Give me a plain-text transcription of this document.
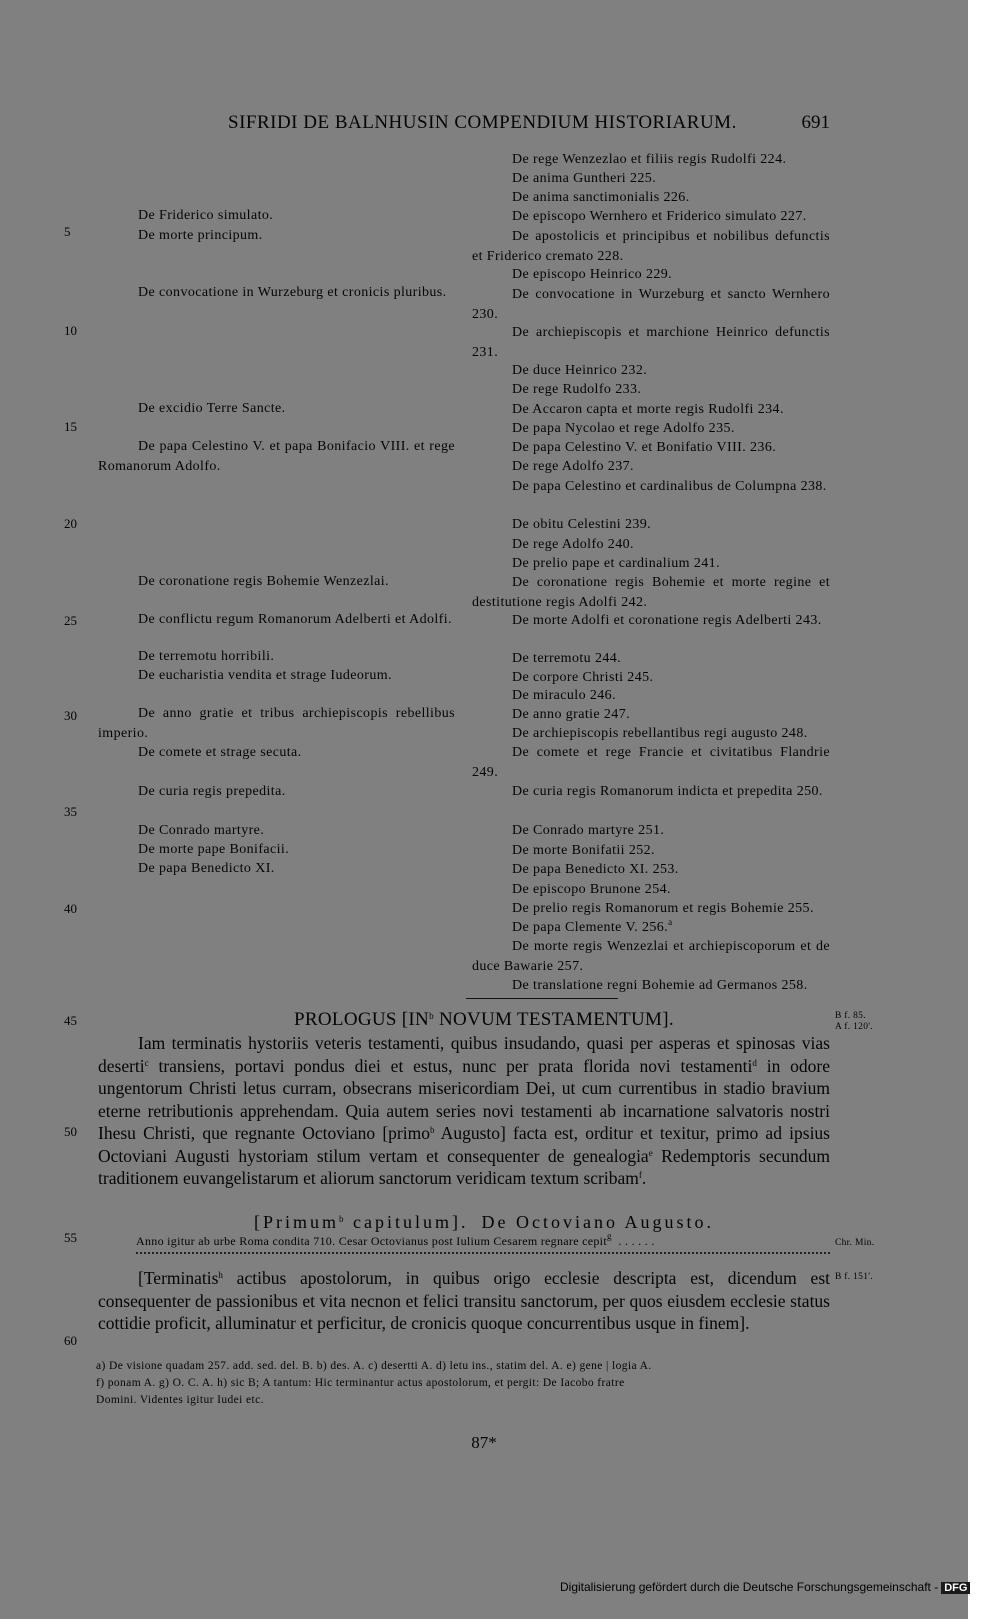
SIFRIDI DE BALNHUSIN COMPENDIUM HISTORIARUM.	691
5
10
15
20
25
30
35
40
45
50
55
60
De Friderico simulato.
De morte principum.
De convocatione in Wurzeburg et cronicis pluribus.
De excidio Terre Sancte.
De papa Celestino V. et papa Bonifacio VIII. et rege Romanorum Adolfo.
De coronatione regis Bohemie Wenzezlai.
De conflictu regum Romanorum Adelberti et Adolfi.
De terremotu horribili.
De eucharistia vendita et strage Iudeorum.
De anno gratie et tribus archiepiscopis rebellibus imperio.
De comete et strage secuta.
De curia regis prepedita.
De Conrado martyre.
De morte pape Bonifacii.
De papa Benedicto XI.
De rege Wenzezlao et filiis regis Rudolfi 224.
De anima Guntheri 225.
De anima sanctimonialis 226.
De episcopo Wernhero et Friderico simulato 227.
De apostolicis et principibus et nobilibus defunctis et Friderico cremato 228.
De episcopo Heinrico 229.
De convocatione in Wurzeburg et sancto Wernhero 230.
De archiepiscopis et marchione Heinrico defunctis 231.
De duce Heinrico 232.
De rege Rudolfo 233.
De Accaron capta et morte regis Rudolfi 234.
De papa Nycolao et rege Adolfo 235.
De papa Celestino V. et Bonifatio VIII. 236.
De rege Adolfo 237.
De papa Celestino et cardinalibus de Columpna 238.
De obitu Celestini 239.
De rege Adolfo 240.
De prelio pape et cardinalium 241.
De coronatione regis Bohemie et morte regine et destitutione regis Adolfi 242.
De morte Adolfi et coronatione regis Adelberti 243.
De terremotu 244.
De corpore Christi 245.
De miraculo 246.
De anno gratie 247.
De archiepiscopis rebellantibus regi augusto 248.
De comete et rege Francie et civitatibus Flandrie 249.
De curia regis Romanorum indicta et prepedita 250.
De Conrado martyre 251.
De morte Bonifatii 252.
De papa Benedicto XI. 253.
De episcopo Brunone 254.
De prelio regis Romanorum et regis Bohemie 255.
De papa Clemente V. 256.$^a$
De morte regis Wenzezlai et archiepiscoporum et de duce Bawarie 257.
De translatione regni Bohemie ad Germanos 258.
PROLOGUS [$IN^b$ NOVUM TESTAMENTUM].	B f. 85.
A f. 120'.

Iam terminatis hystoriis veteris testamenti, quibus insudando, quasi per asperas et spinosas vias deserti$^c$ transiens, portavi pondus diei et estus, nunc per prata florida novi testamenti$^d$ in odore ungentorum Christi letus curram, obsecrans misericordiam Dei, ut cum currentibus in stadio bravium eterne retributionis apprehendam. Quia autem series novi testamenti ab incarnatione salvatoris nostri Ihesu Christi, que regnante Octoviano [primo$^b$ Augusto] facta est, orditur et texitur, primo ad ipsius Octoviani Augusti hystoriam stilum vertam et consequenter de genealogia$^e$ Redemptoris secundum traditionem euvangelistarum et aliorum sanctorum veridicam textum scribam$^f$.

[Primum$^b$ capitulum]. De Octoviano Augusto.
Anno igitur ab urbe Roma condita 710. Cesar Octovianus post Iulium Cesarem regnare cepit$^g$ . . . . . .	Chr. Min.

[Terminatis$^h$ actibus apostolorum, in quibus origo ecclesie descripta est, dicendum est consequenter de passionibus et vita necnon et felici transitu sanctorum, per quos eiusdem ecclesie status cottidie proficit, alluminatur et perficitur, de cronicis quoque concurrentibus usque in finem].

B f. 151'.
a) De visione quadam 257. add. sed. del. B. b) des. A. c) desertti A. d) letu ins., statim del. A. e) gene | logia A.
f) ponam A. g) O. C. A. h) sic B; A tantum: Hic terminantur actus apostolorum, et pergit: De Iacobo fratre
Domini. Videntes igitur Iudei etc.
87*
Digitalisierung gefördert durch die Deutsche Forschungsgemeinschaft - DFG
